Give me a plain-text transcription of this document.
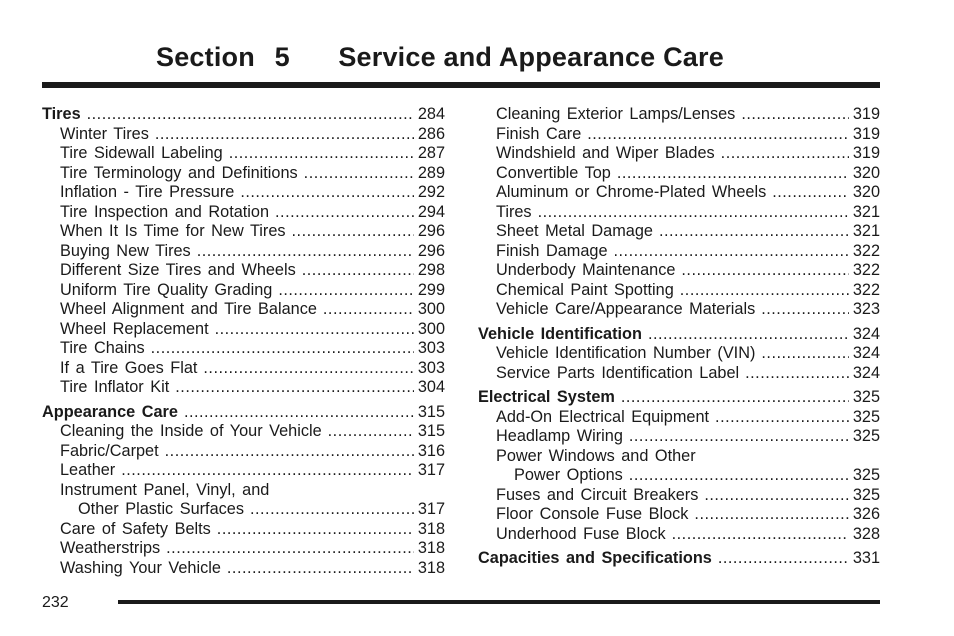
Section 5 Service and Appearance Care
Tires .....	284
Winter Tires .....	286
Tire Sidewall Labeling .....	287
Tire Terminology and Definitions .....	289
Inflation - Tire Pressure .....	292
Tire Inspection and Rotation .....	294
When It Is Time for New Tires .....	296
Buying New Tires .....	296
Different Size Tires and Wheels .....	298
Uniform Tire Quality Grading .....	299
Wheel Alignment and Tire Balance .....	300
Wheel Replacement .....	300
Tire Chains .....	303
If a Tire Goes Flat .....	303
Tire Inflator Kit .....	304
Appearance Care .....	315
Cleaning the Inside of Your Vehicle .....	315
Fabric/Carpet .....	316
Leather .....	317
Instrument Panel, Vinyl, and
Other Plastic Surfaces .....	317
Care of Safety Belts .....	318
Weatherstrips .....	318
Washing Your Vehicle .....	318
Cleaning Exterior Lamps/Lenses .....	319
Finish Care .....	319
Windshield and Wiper Blades .....	319
Convertible Top .....	320
Aluminum or Chrome-Plated Wheels .....	320
Tires .....	321
Sheet Metal Damage .....	321
Finish Damage .....	322
Underbody Maintenance .....	322
Chemical Paint Spotting .....	322
Vehicle Care/Appearance Materials .....	323
Vehicle Identification .....	324
Vehicle Identification Number (VIN) .....	324
Service Parts Identification Label .....	324
Electrical System .....	325
Add-On Electrical Equipment .....	325
Headlamp Wiring .....	325
Power Windows and Other
Power Options .....	325
Fuses and Circuit Breakers .....	325
Floor Console Fuse Block .....	326
Underhood Fuse Block .....	328
Capacities and Specifications .....	331
232
